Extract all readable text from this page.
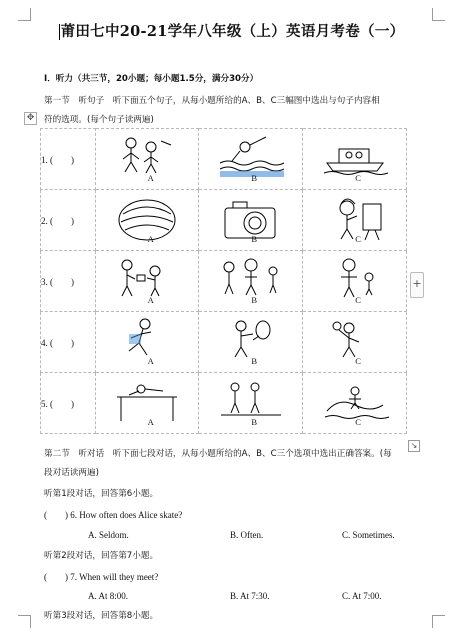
莆田七中20-21学年八年级（上）英语月考卷（一）
I．听力（共三节，20小题；每小题1.5分，满分30分）
第一节　听句子　听下面五个句子，从每小题所给的A、B、C三幅图中选出与句子内容相
符的选项。(每个句子读两遍)
✥
+
1. (　　)	A	B	C

2. (　　)	A	B	C

3. (　　)	A	B	C

4. (　　)	A	B	C

5. (　　)	A	B	C
↘
第二节　听对话　听下面七段对话，从每小题所给的A、B、C三个选项中选出正确答案。(每
段对话读两遍)
听第1段对话，回答第6小题。
(　　) 6. How often does Alice skate?
A. Seldom.	B. Often.	C. Sometimes.
听第2段对话，回答第7小题。
(　　) 7. When will they meet?
A. At 8:00.	B. At 7:30.	C. At 7:00.
听第3段对话，回答第8小题。
